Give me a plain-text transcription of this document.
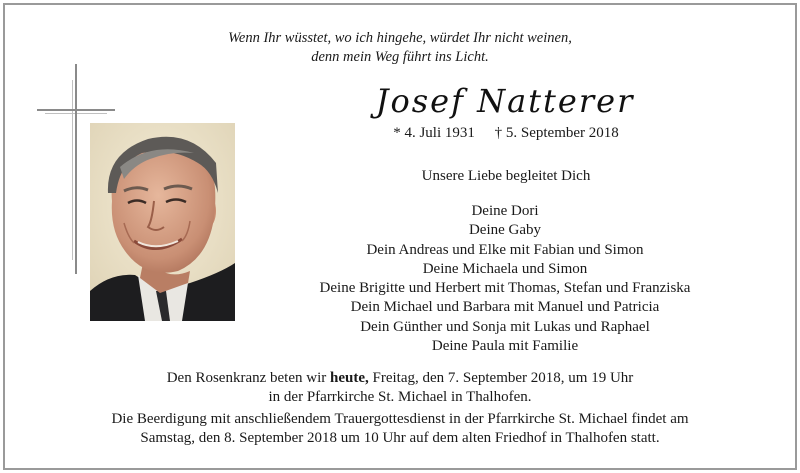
Wenn Ihr wüsstet, wo ich hingehe, würdet Ihr nicht weinen,
denn mein Weg führt ins Licht.
Josef Natterer
* 4. Juli 1931 † 5. September 2018
Unsere Liebe begleitet Dich
Deine Dori
Deine Gaby
Dein Andreas und Elke mit Fabian und Simon
Deine Michaela und Simon
Deine Brigitte und Herbert mit Thomas, Stefan und Franziska
Dein Michael und Barbara mit Manuel und Patricia
Dein Günther und Sonja mit Lukas und Raphael
Deine Paula mit Familie
Den Rosenkranz beten wir heute, Freitag, den 7. September 2018, um 19 Uhr
in der Pfarrkirche St. Michael in Thalhofen.
Die Beerdigung mit anschließendem Trauergottesdienst in der Pfarrkirche St. Michael findet am
Samstag, den 8. September 2018 um 10 Uhr auf dem alten Friedhof in Thalhofen statt.
